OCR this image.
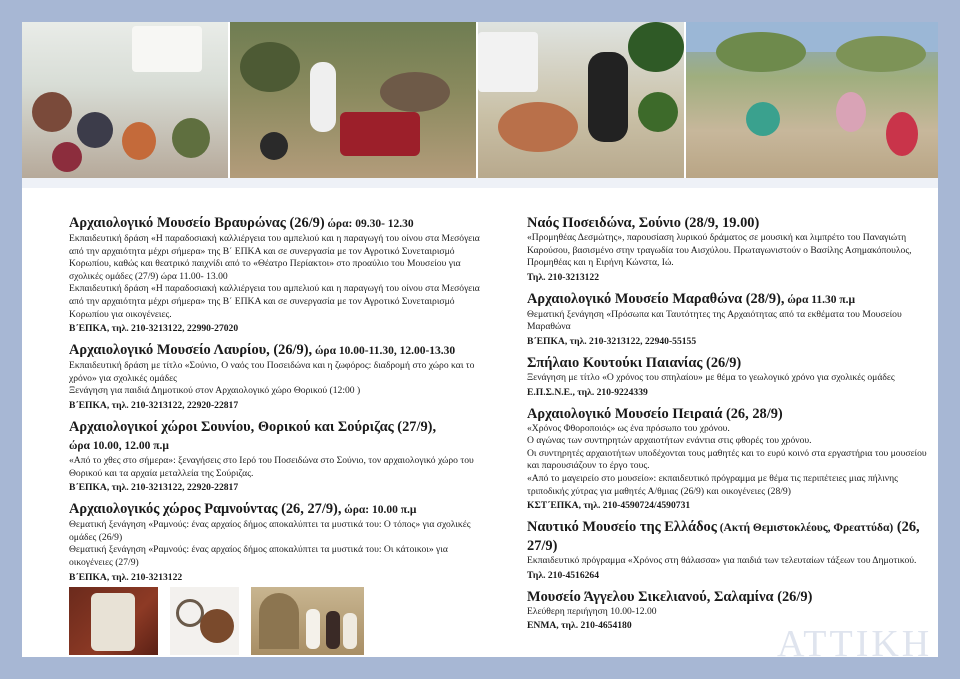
Αρχαιολογικό Μουσείο Βραυρώνας (26/9) ώρα: 09.30- 12.30

Εκπαιδευτική δράση «Η παραδοσιακή καλλιέργεια του αμπελιού και η παραγωγή του οίνου στα Μεσόγεια από την αρχαιότητα μέχρι σήμερα» της Β΄ ΕΠΚΑ και σε συνεργασία με τον Αγροτικό Συνεταιρισμό Κορωπίου, καθώς και θεατρικό παιχνίδι από το «Θέατρο Περίακτοι» στο προαύλιο του Μουσείου για σχολικές ομάδες (27/9) ώρα 11.00- 13.00

Εκπαιδευτική δράση «Η παραδοσιακή καλλιέργεια του αμπελιού και η παραγωγή του οίνου στα Μεσόγεια από την αρχαιότητα μέχρι σήμερα» της Β΄ ΕΠΚΑ και σε συνεργασία με τον Αγροτικό Συνεταιρισμό Κορωπίου για οικογένειες.

Β΄ΕΠΚΑ, τηλ. 210-3213122, 22990-27020

Αρχαιολογικό Μουσείο Λαυρίου, (26/9), ώρα 10.00-11.30, 12.00-13.30

Εκπαιδευτική δράση με τίτλο «Σούνιο, Ο ναός του Ποσειδώνα και η ζωφόρος: διαδρομή στο χώρο και το χρόνο» για σχολικές ομάδες

Ξενάγηση για παιδιά Δημοτικού στον Αρχαιολογικό χώρο Θορικού (12:00 )

Β΄ΕΠΚΑ, τηλ. 210-3213122, 22920-22817

Αρχαιολογικοί χώροι Σουνίου, Θορικού και Σούριζας (27/9),
ώρα 10.00, 12.00 π.μ

«Από το χθες στο σήμερα»: ξεναγήσεις στο Ιερό του Ποσειδώνα στο Σούνιο, τον αρχαιολογικό χώρο του Θορικού και τα αρχαία μεταλλεία της Σούριζας.

Β΄ΕΠΚΑ, τηλ. 210-3213122, 22920-22817

Αρχαιολογικός χώρος Ραμνούντας (26, 27/9), ώρα: 10.00 π.μ

Θεματική ξενάγηση «Ραμνούς: ένας αρχαίος δήμος αποκαλύπτει τα μυστικά του: Ο τόπος» για σχολικές ομάδες (26/9)

Θεματική ξενάγηση «Ραμνούς: ένας αρχαίος δήμος αποκαλύπτει τα μυστικά του: Οι κάτοικοι» για οικογένειες (27/9)

Β΄ΕΠΚΑ, τηλ. 210-3213122

Ναός Ποσειδώνα, Σούνιο (28/9, 19.00)

«Προμηθέας Δεσμώτης», παρουσίαση λυρικού δράματος σε μουσική και λιμπρέτο του Παναγιώτη Καρούσου, βασισμένο στην τραγωδία του Αισχύλου. Πρωταγωνιστούν ο Βασίλης Ασημακόπουλος, Προμηθέας και η Ειρήνη Κώνστα, Ιώ.

Τηλ. 210-3213122

Αρχαιολογικό Μουσείο Μαραθώνα (28/9), ώρα 11.30 π.μ

Θεματική ξενάγηση «Πρόσωπα και Ταυτότητες της Αρχαιότητας από τα εκθέματα του Μουσείου Μαραθώνα

Β΄ΕΠΚΑ, τηλ. 210-3213122, 22940-55155

Σπήλαιο Κουτούκι Παιανίας (26/9)

Ξενάγηση με τίτλο «Ο χρόνος του σπηλαίου» με θέμα το γεωλογικό χρόνο για σχολικές ομάδες

Ε.Π.Σ.Ν.Ε., τηλ. 210-9224339

Αρχαιολογικό Μουσείο Πειραιά (26, 28/9)

«Χρόνος Φθοροποιός» ως ένα πρόσωπο του χρόνου.

Ο αγώνας των συντηρητών αρχαιοτήτων ενάντια στις φθορές του χρόνου.

Οι συντηρητές αρχαιοτήτων υποδέχονται τους μαθητές και το ευρύ κοινό στα εργαστήρια του μουσείου και παρουσιάζουν το έργο τους.

«Από το μαγειρείο στο μουσείο»: εκπαιδευτικό πρόγραμμα με θέμα τις περιπέτειες μιας πήλινης τριποδικής χύτρας για μαθητές Α/θμιας (26/9) και οικογένειες (28/9)

ΚΣΤ΄ΕΠΚΑ, τηλ. 210-4590724/4590731

Ναυτικό Μουσείο της Ελλάδος (Ακτή Θεμιστοκλέους, Φρεαττύδα) (26, 27/9)

Εκπαιδευτικό πρόγραμμα «Χρόνος στη θάλασσα» για παιδιά των τελευταίων τάξεων του Δημοτικού.

Τηλ. 210-4516264

Μουσείο Άγγελου Σικελιανού, Σαλαμίνα (26/9)

Ελεύθερη περιήγηση 10.00-12.00

ΕΝΜΑ, τηλ. 210-4654180	ΑΤΤΙΚΗ
